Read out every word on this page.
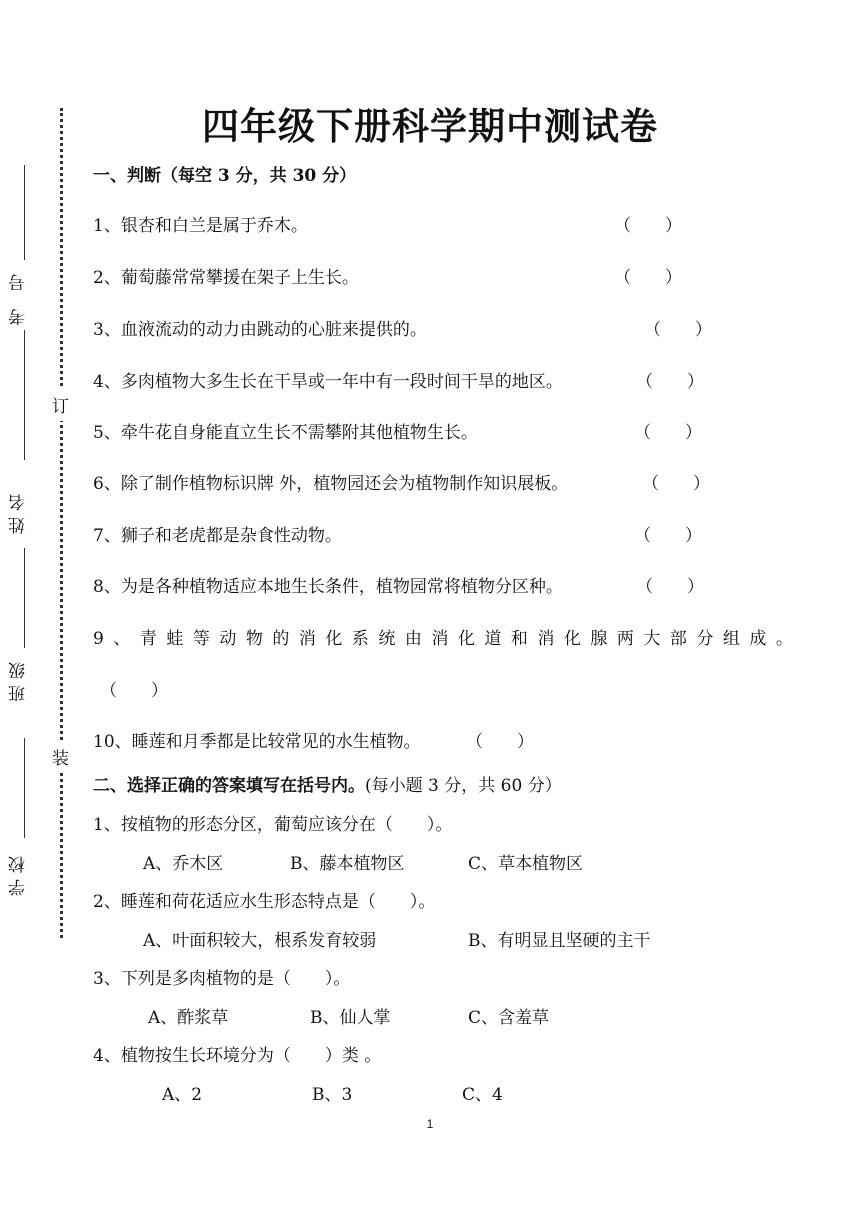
订
装
考 号
姓名
班级
学校
四年级下册科学期中测试卷
一、判断（每空 3 分，共 30 分）
1、银杏和白兰是属于乔木。	（　　）
2、葡萄藤常常攀援在架子上生长。	（　　）
3、血液流动的动力由跳动的心脏来提供的。	（　　）
4、多肉植物大多生长在干旱或一年中有一段时间干旱的地区。	（　　）
5、牵牛花自身能直立生长不需攀附其他植物生长。	（　　）
6、除了制作植物标识牌 外，植物园还会为植物制作知识展板。	（　　）
7、狮子和老虎都是杂食性动物。	（　　）
8、为是各种植物适应本地生长条件，植物园常将植物分区种。	（　　）
9、青蛙等动物的消化系统由消化道和消化腺两大部分组成。
（　　）
10、睡莲和月季都是比较常见的水生植物。	（　　）
二、选择正确的答案填写在括号内。(每小题 3 分，共 60 分）
1、按植物的形态分区，葡萄应该分在（　　）。
A、乔木区	B、藤本植物区	C、草本植物区
2、睡莲和荷花适应水生形态特点是（　　）。
A、叶面积较大，根系发育较弱	B、有明显且坚硬的主干
3、下列是多肉植物的是（　　）。
A、酢浆草	B、仙人掌	C、含羞草
4、植物按生长环境分为（　　）类 。
A、2	B、3	C、4
1
